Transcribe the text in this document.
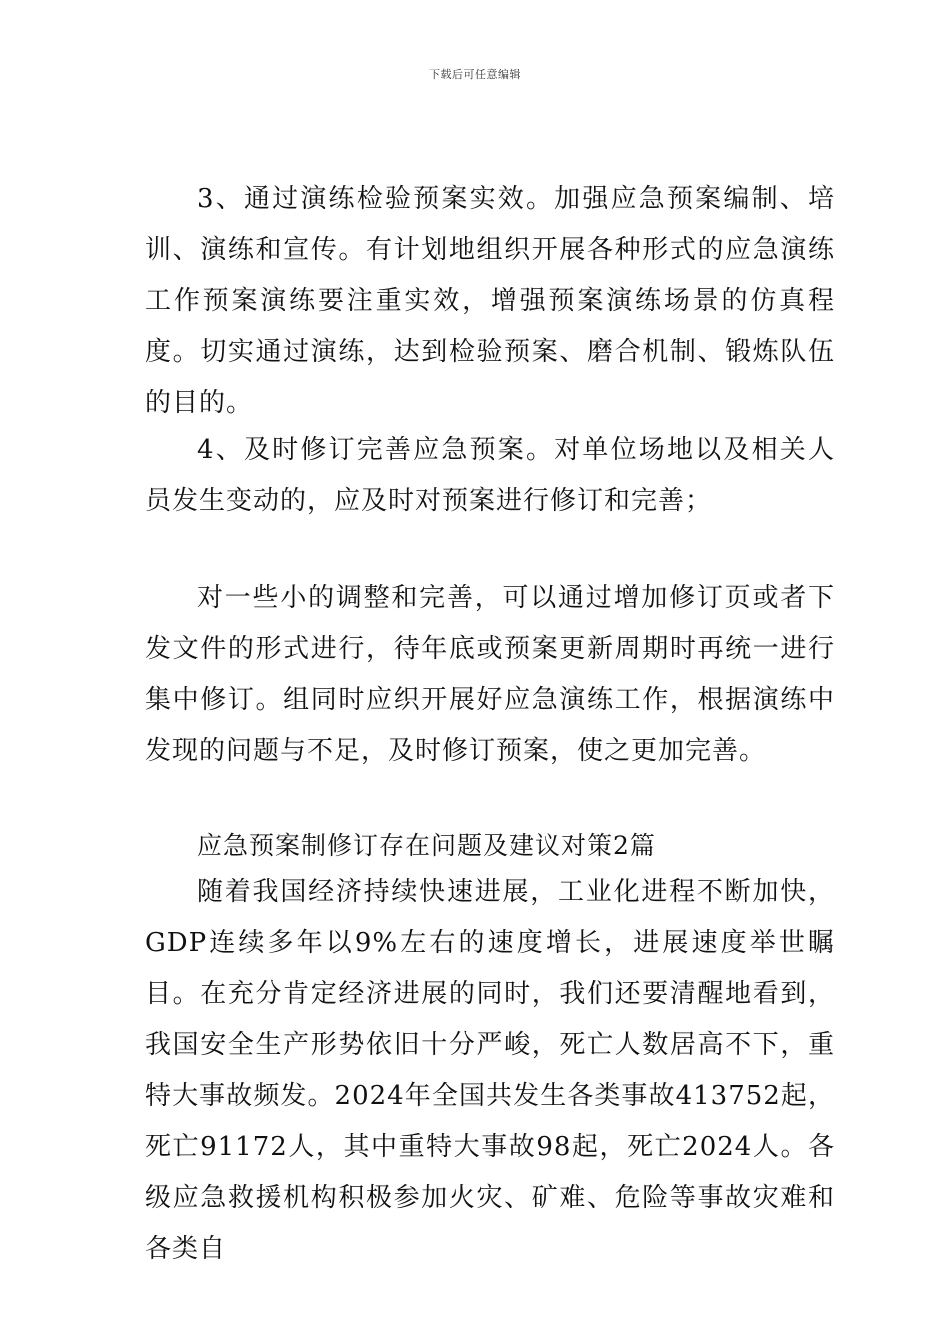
下载后可任意编辑
3、通过演练检验预案实效。加强应急预案编制、培训、演练和宣传。有计划地组织开展各种形式的应急演练工作预案演练要注重实效，增强预案演练场景的仿真程度。切实通过演练，达到检验预案、磨合机制、锻炼队伍的目的。
4、及时修订完善应急预案。对单位场地以及相关人员发生变动的，应及时对预案进行修订和完善；
对一些小的调整和完善，可以通过增加修订页或者下发文件的形式进行，待年底或预案更新周期时再统一进行集中修订。组同时应织开展好应急演练工作，根据演练中发现的问题与不足，及时修订预案，使之更加完善。
应急预案制修订存在问题及建议对策2篇
随着我国经济持续快速进展，工业化进程不断加快，GDP连续多年以9%左右的速度增长，进展速度举世瞩目。在充分肯定经济进展的同时，我们还要清醒地看到，我国安全生产形势依旧十分严峻，死亡人数居高不下，重特大事故频发。2024年全国共发生各类事故413752起，死亡91172人，其中重特大事故98起，死亡2024人。各级应急救援机构积极参加火灾、矿难、危险等事故灾难和各类自
